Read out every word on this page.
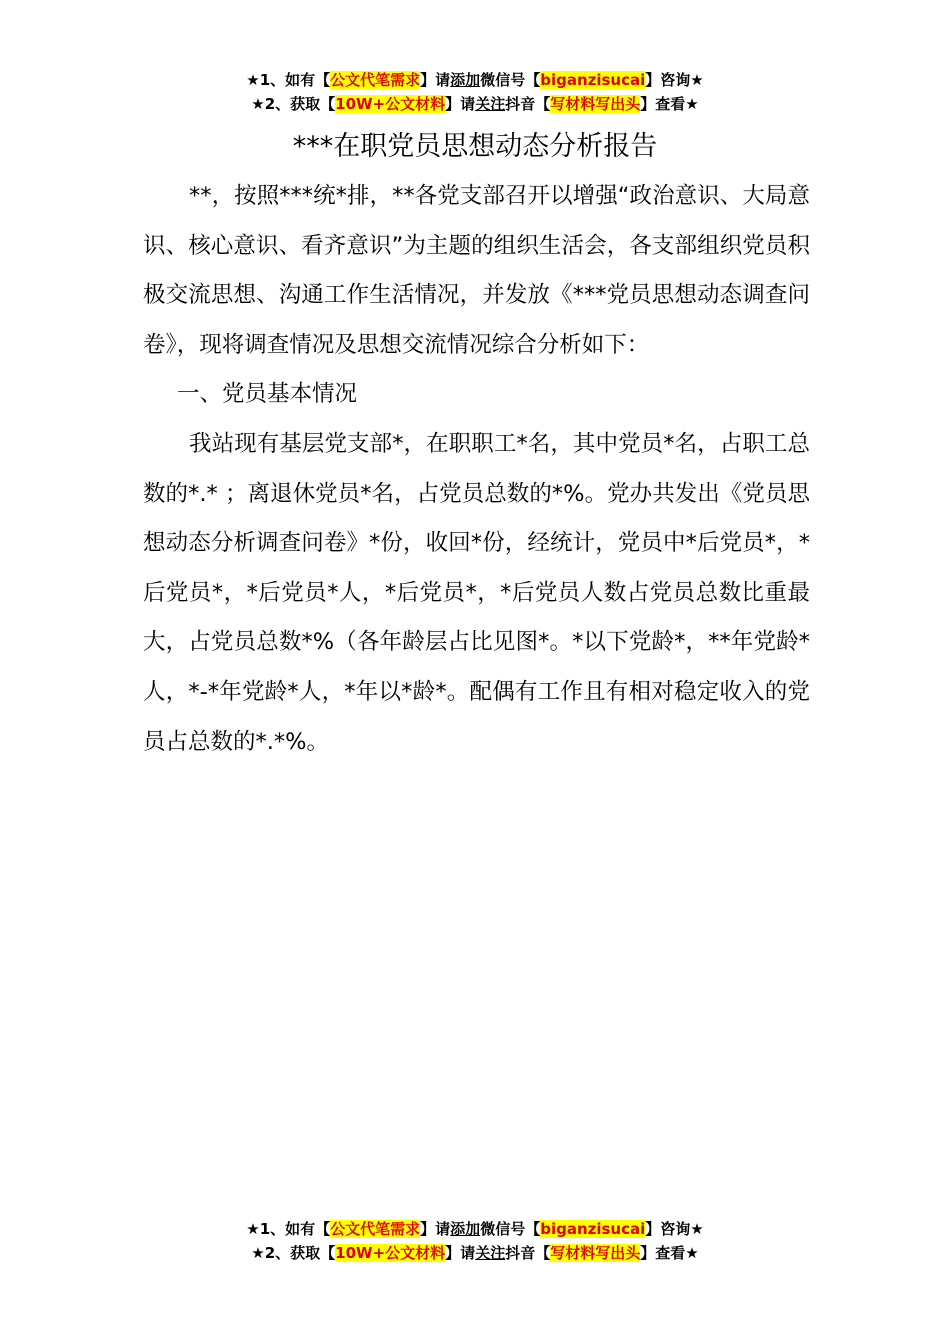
★1、如有【公文代笔需求】请添加微信号【biganzisucai】咨询★
★2、获取【10W+公文材料】请关注抖音【写材料写出头】查看★
***在职党员思想动态分析报告

**，按照***统*排，**各党支部召开以增强“政治意识、大局意识、核心意识、看齐意识”为主题的组织生活会，各支部组织党员积极交流思想、沟通工作生活情况，并发放《***党员思想动态调查问卷》，现将调查情况及思想交流情况综合分析如下：

一、党员基本情况

我站现有基层党支部*，在职职工*名，其中党员*名，占职工总数的*.* ；离退休党员*名，占党员总数的*%。党办共发出《党员思想动态分析调查问卷》*份，收回*份，经统计，党员中*后党员*，*后党员*，*后党员*人，*后党员*，*后党员人数占党员总数比重最大，占党员总数*%（各年龄层占比见图*。*以下党龄*，**年党龄*人，*-*年党龄*人，*年以*龄*。配偶有工作且有相对稳定收入的党员占总数的*.*%。

★1、如有【公文代笔需求】请添加微信号【biganzisucai】咨询★
★2、获取【10W+公文材料】请关注抖音【写材料写出头】查看★
